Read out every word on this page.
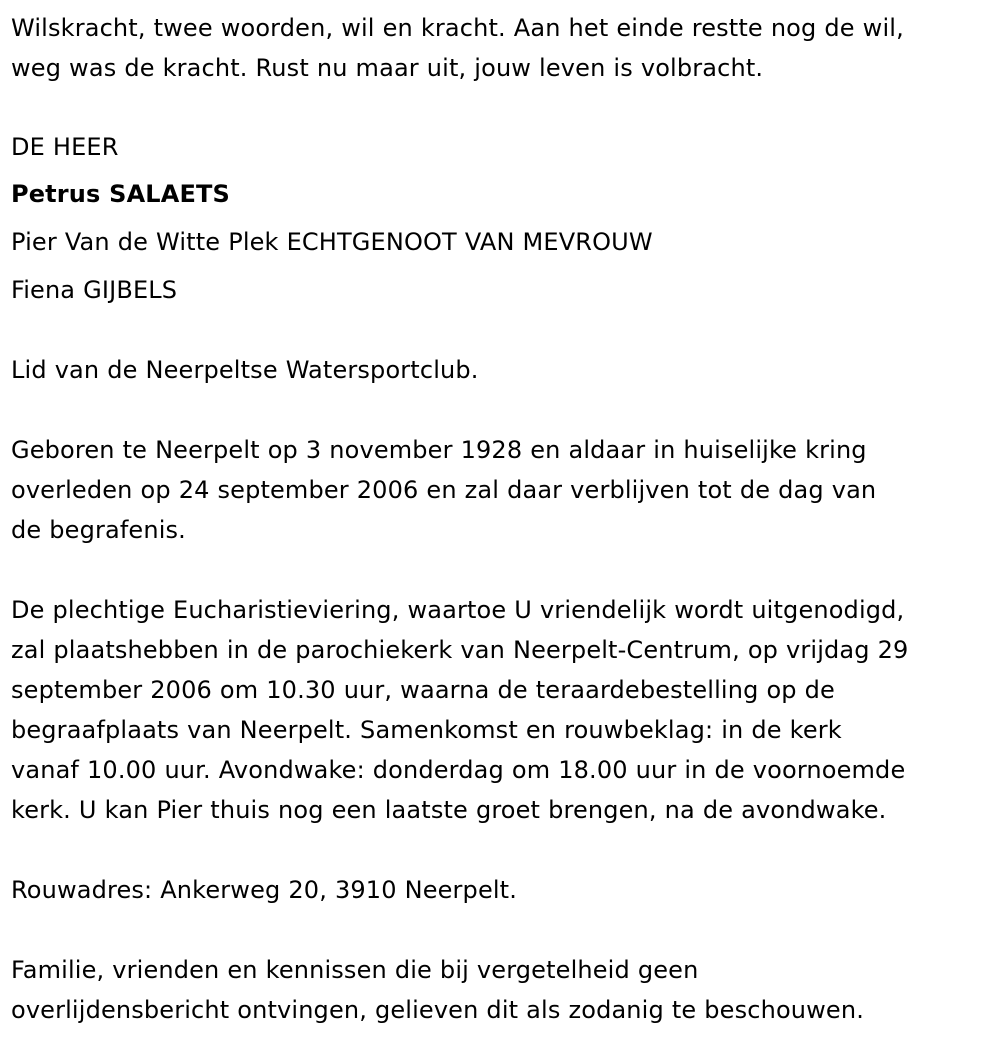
Wilskracht, twee woorden, wil en kracht. Aan het einde restte nog de wil,

weg was de kracht. Rust nu maar uit, jouw leven is volbracht.

DE HEER

Petrus SALAETS

Pier Van de Witte Plek ECHTGENOOT VAN MEVROUW

Fiena GIJBELS

Lid van de Neerpeltse Watersportclub.

Geboren te Neerpelt op 3 november 1928 en aldaar in huiselijke kring

overleden op 24 september 2006 en zal daar verblijven tot de dag van

de begrafenis.

De plechtige Eucharistieviering, waartoe U vriendelijk wordt uitgenodigd,

zal plaatshebben in de parochiekerk van Neerpelt-Centrum, op vrijdag 29

september 2006 om 10.30 uur, waarna de teraardebestelling op de

begraafplaats van Neerpelt. Samenkomst en rouwbeklag: in de kerk

vanaf 10.00 uur. Avondwake: donderdag om 18.00 uur in de voornoemde

kerk. U kan Pier thuis nog een laatste groet brengen, na de avondwake.

Rouwadres: Ankerweg 20, 3910 Neerpelt.

Familie, vrienden en kennissen die bij vergetelheid geen

overlijdensbericht ontvingen, gelieven dit als zodanig te beschouwen.
